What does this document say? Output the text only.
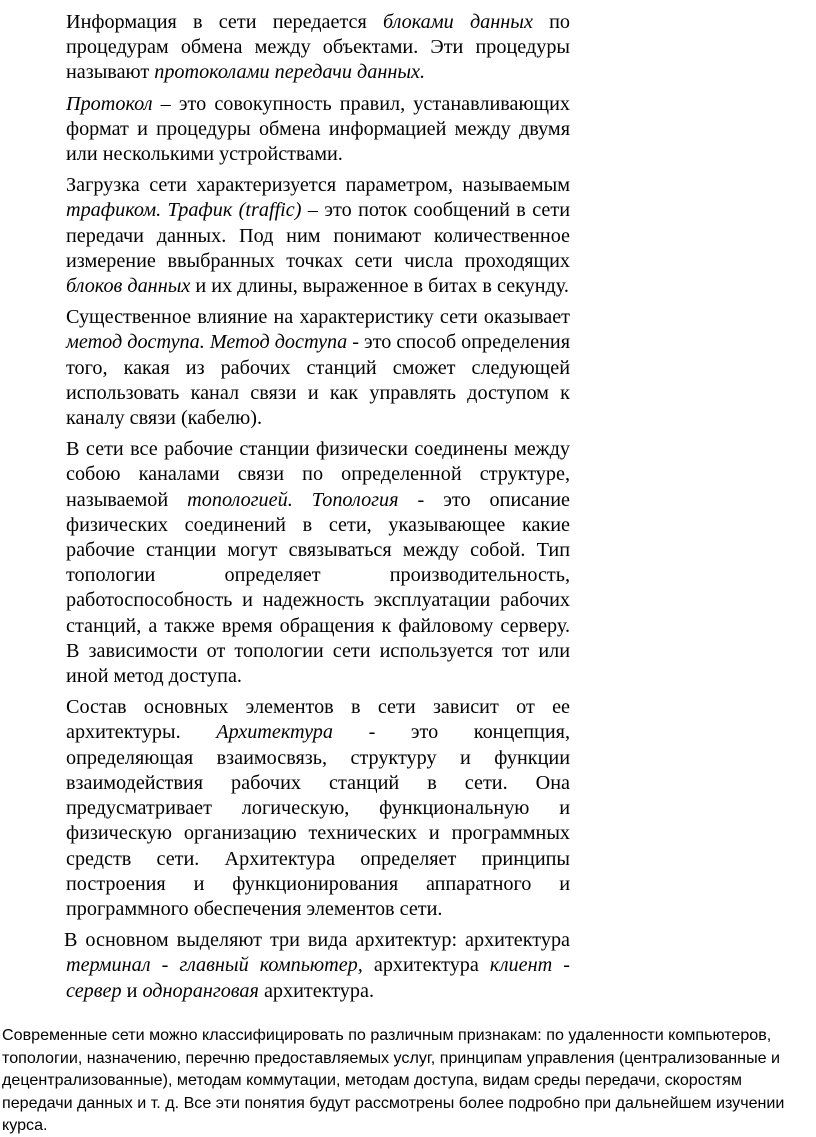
Информация в сети передается блоками данных по процедурам обмена между объектами. Эти процедуры называют протоколами передачи данных.

Протокол – это совокупность правил, устанавливающих формат и процедуры обмена информацией между двумя или несколькими устройствами.

Загрузка сети характеризуется параметром, называемым трафиком. Трафик (traffic) – это поток сообщений в сети передачи данных. Под ним понимают количественное измерение ввыбранных точках сети числа проходящих блоков данных и их длины, выраженное в битах в секунду.

Существенное влияние на характеристику сети оказывает метод доступа. Метод доступа - это способ определения того, какая из рабочих станций сможет следующей использовать канал связи и как управлять доступом к каналу связи (кабелю).

В сети все рабочие станции физически соединены между собою каналами связи по определенной структуре, называемой топологией. Топология - это описание физических соединений в сети, указывающее какие рабочие станции могут связываться между собой. Тип топологии определяет производительность, работоспособность и надежность эксплуатации рабочих станций, а также время обращения к файловому серверу. В зависимости от топологии сети используется тот или иной метод доступа.

Состав основных элементов в сети зависит от ее архитектуры. Архитектура - это концепция, определяющая взаимосвязь, структуру и функции взаимодействия рабочих станций в сети. Она предусматривает логическую, функциональную и физическую организацию технических и программных средств сети. Архитектура определяет принципы построения и функционирования аппаратного и программного обеспечения элементов сети.

В основном выделяют три вида архитектур: архитектура терминал - главный компьютер, архитектура клиент - сервер и одноранговая архитектура.

Современные сети можно классифицировать по различным признакам: по удаленности компьютеров, топологии, назначению, перечню предоставляемых услуг, принципам управления (централизованные и децентрализованные), методам коммутации, методам доступа, видам среды передачи, скоростям передачи данных и т. д. Все эти понятия будут рассмотрены более подробно при дальнейшем изучении курса.
